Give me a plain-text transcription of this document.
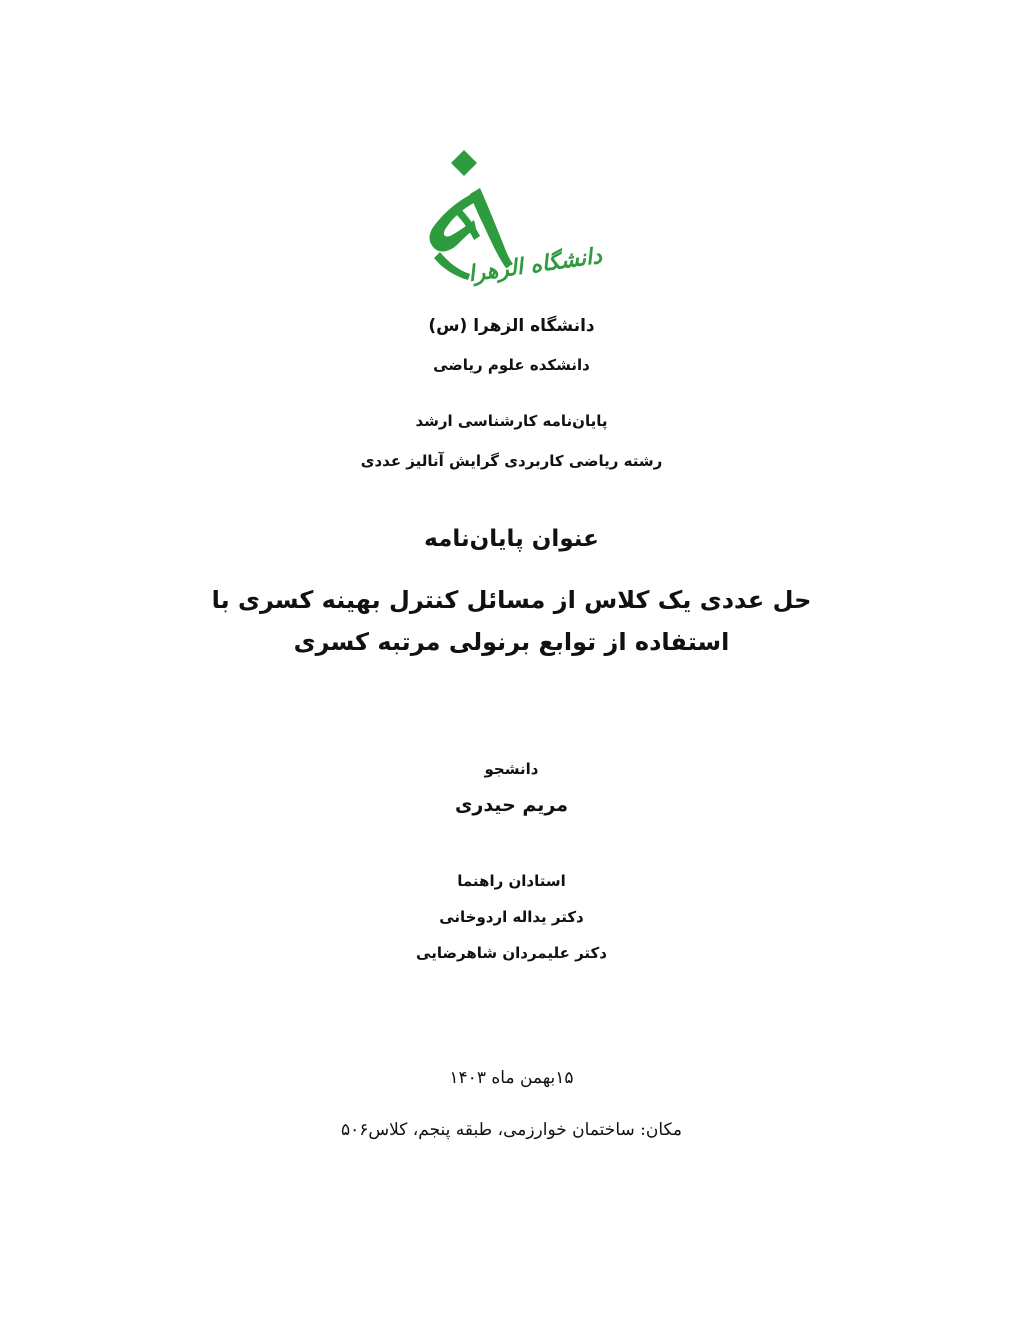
دانشگاه الزهرا
دانشگاه الزهرا (س)
دانشکده علوم ریاضی
پایان‌نامه کارشناسی ارشد
رشته ریاضی کاربردی گرایش آنالیز عددی
عنوان پایان‌نامه
حل عددی یک کلاس از مسائل کنترل بهینه کسری با
استفاده از توابع برنولی مرتبه کسری
دانشجو
مریم حیدری
استادان راهنما
دکتر یداله اردوخانی
دکتر علیمردان شاهرضایی
۱۵بهمن ماه ۱۴۰۳
مکان: ساختمان خوارزمی، طبقه پنجم، کلاس۵۰۶
